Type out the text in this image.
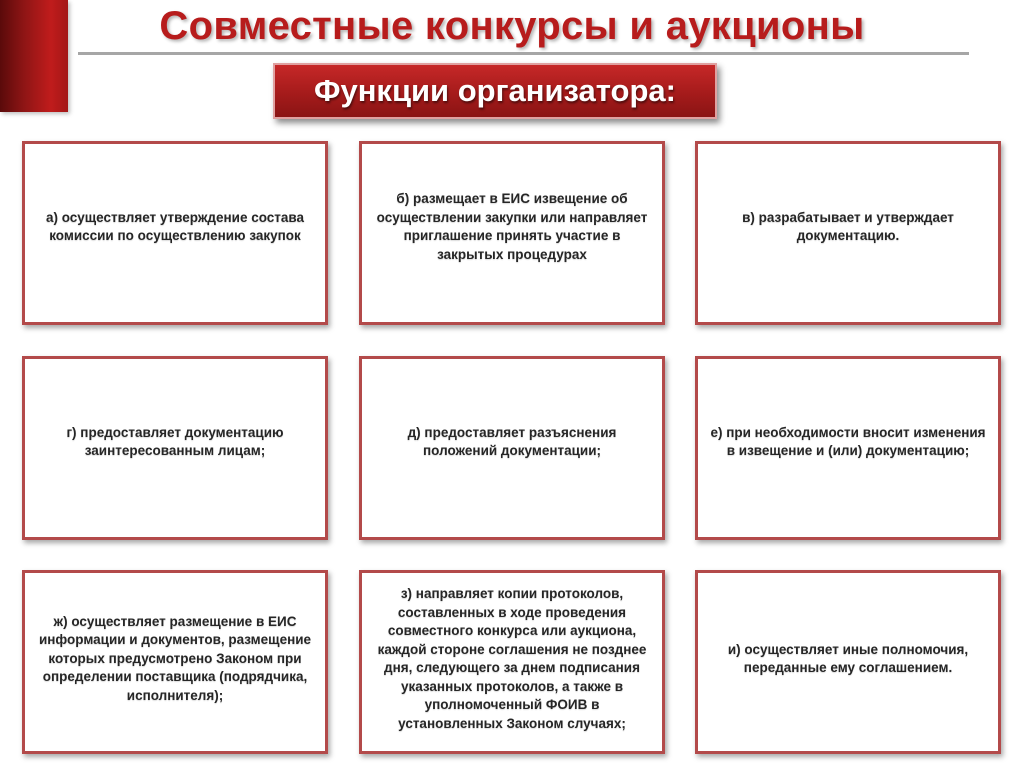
Совместные конкурсы и аукционы
Функции организатора:
а) осуществляет утверждение состава комиссии по осуществлению закупок
б) размещает в ЕИС извещение об осуществлении закупки или направляет приглашение принять участие в закрытых процедурах
в) разрабатывает и утверждает документацию.
г) предоставляет документацию заинтересованным лицам;
д) предоставляет разъяснения положений документации;
е) при необходимости вносит изменения в извещение и (или) документацию;
ж) осуществляет размещение в ЕИС информации и документов, размещение которых предусмотрено Законом при определении поставщика (подрядчика, исполнителя);
з) направляет копии протоколов, составленных в ходе проведения совместного конкурса или аукциона, каждой стороне соглашения не позднее дня, следующего за днем подписания указанных протоколов, а также в уполномоченный ФОИВ в установленных Законом случаях;
и) осуществляет иные полномочия, переданные ему соглашением.
